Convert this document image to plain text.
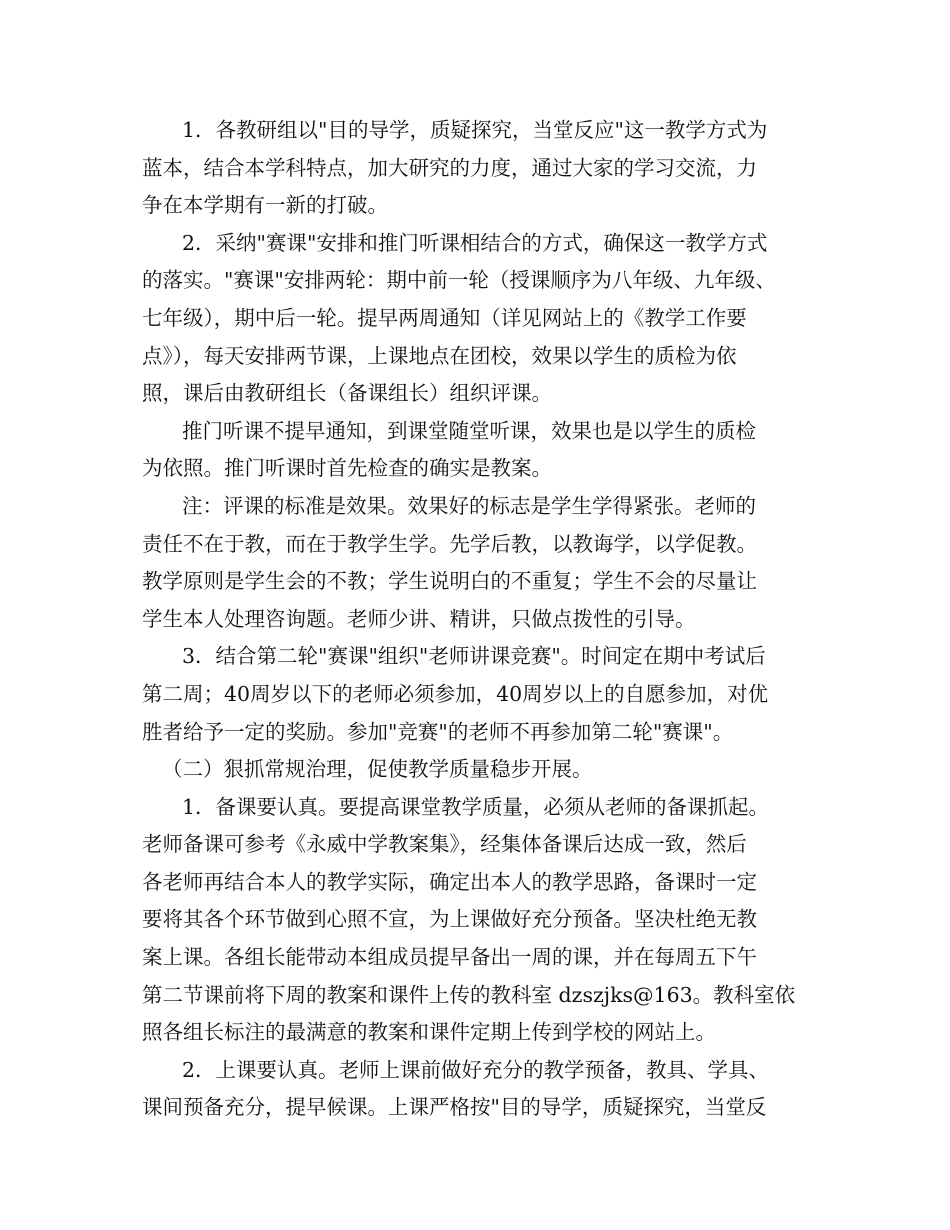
1．各教研组以"目的导学，质疑探究，当堂反应"这一教学方式为
蓝本，结合本学科特点，加大研究的力度，通过大家的学习交流，力
争在本学期有一新的打破。
2．采纳"赛课"安排和推门听课相结合的方式，确保这一教学方式
的落实。"赛课"安排两轮：期中前一轮（授课顺序为八年级、九年级、
七年级），期中后一轮。提早两周通知（详见网站上的《教学工作要
点》），每天安排两节课，上课地点在团校，效果以学生的质检为依
照，课后由教研组长（备课组长）组织评课。
推门听课不提早通知，到课堂随堂听课，效果也是以学生的质检
为依照。推门听课时首先检查的确实是教案。
注：评课的标准是效果。效果好的标志是学生学得紧张。老师的
责任不在于教，而在于教学生学。先学后教，以教诲学，以学促教。
教学原则是学生会的不教；学生说明白的不重复；学生不会的尽量让
学生本人处理咨询题。老师少讲、精讲，只做点拨性的引导。
3．结合第二轮"赛课"组织"老师讲课竞赛"。时间定在期中考试后
第二周；40周岁以下的老师必须参加，40周岁以上的自愿参加，对优
胜者给予一定的奖励。参加"竞赛"的老师不再参加第二轮"赛课"。
（二）狠抓常规治理，促使教学质量稳步开展。
1．备课要认真。要提高课堂教学质量，必须从老师的备课抓起。
老师备课可参考《永威中学教案集》，经集体备课后达成一致，然后
各老师再结合本人的教学实际，确定出本人的教学思路，备课时一定
要将其各个环节做到心照不宣，为上课做好充分预备。坚决杜绝无教
案上课。各组长能带动本组成员提早备出一周的课，并在每周五下午
第二节课前将下周的教案和课件上传的教科室 dzszjks@163。教科室依
照各组长标注的最满意的教案和课件定期上传到学校的网站上。
2．上课要认真。老师上课前做好充分的教学预备，教具、学具、
课间预备充分，提早候课。上课严格按"目的导学，质疑探究，当堂反
